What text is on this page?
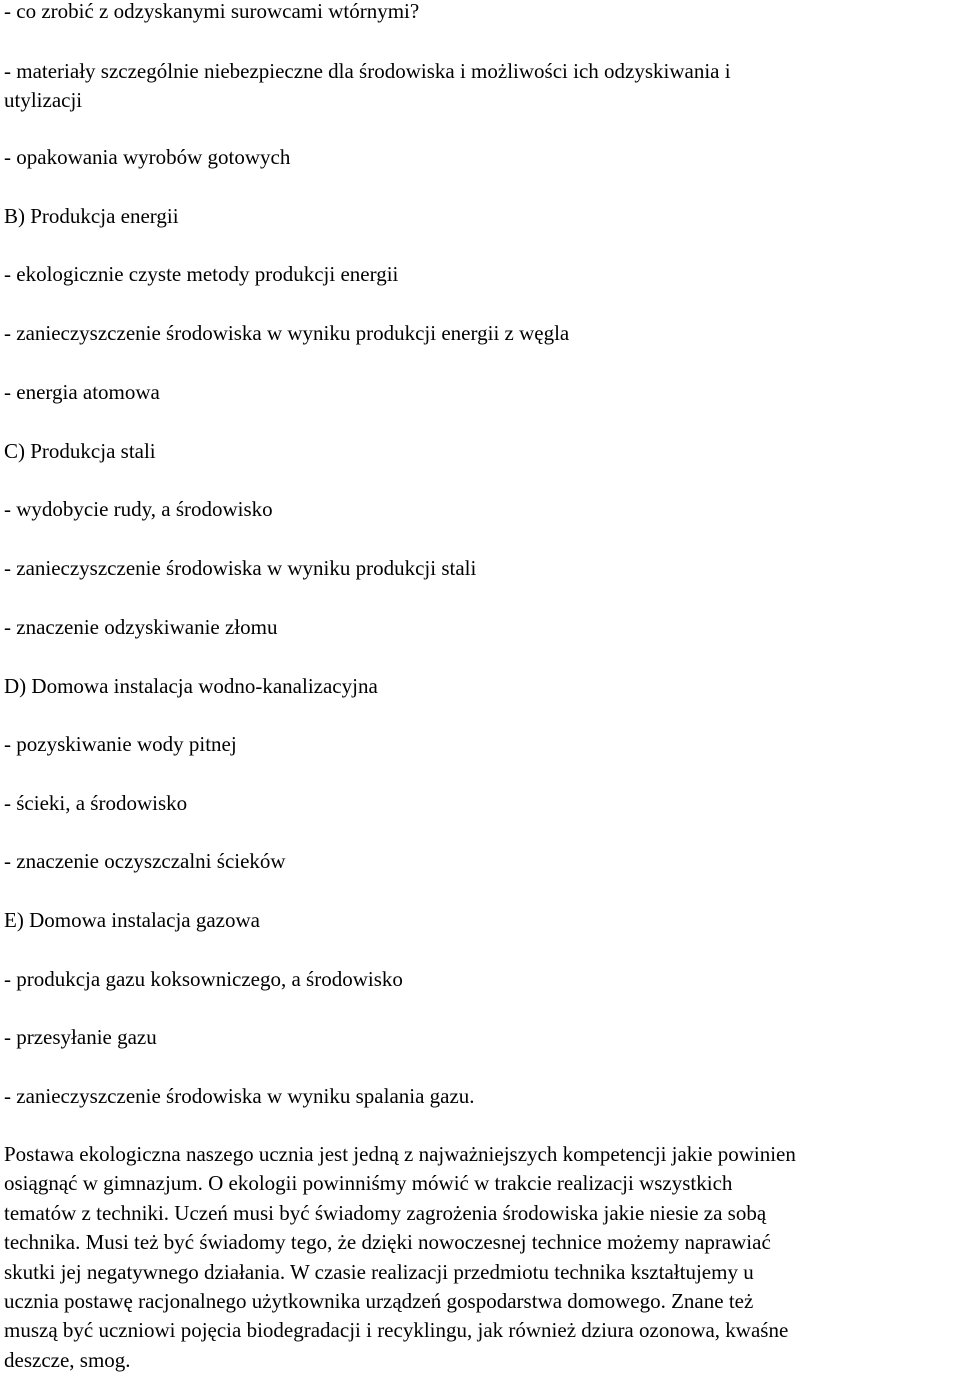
- co zrobić z odzyskanymi surowcami wtórnymi?

- materiały szczególnie niebezpieczne dla środowiska i możliwości ich odzyskiwania i

utylizacji

- opakowania wyrobów gotowych

B) Produkcja energii

- ekologicznie czyste metody produkcji energii

- zanieczyszczenie środowiska w wyniku produkcji energii z węgla

- energia atomowa

C) Produkcja stali

- wydobycie rudy, a środowisko

- zanieczyszczenie środowiska w wyniku produkcji stali

- znaczenie odzyskiwanie złomu

D) Domowa instalacja wodno-kanalizacyjna

- pozyskiwanie wody pitnej

- ścieki, a środowisko

- znaczenie oczyszczalni ścieków

E) Domowa instalacja gazowa

- produkcja gazu koksowniczego, a środowisko

- przesyłanie gazu

- zanieczyszczenie środowiska w wyniku spalania gazu.

Postawa ekologiczna naszego ucznia jest jedną z najważniejszych kompetencji jakie powinien
osiągnąć w gimnazjum. O ekologii powinniśmy mówić w trakcie realizacji wszystkich
tematów z techniki. Uczeń musi być świadomy zagrożenia środowiska jakie niesie za sobą
technika. Musi też być świadomy tego, że dzięki nowoczesnej technice możemy naprawiać
skutki jej negatywnego działania. W czasie realizacji przedmiotu technika kształtujemy u
ucznia postawę racjonalnego użytkownika urządzeń gospodarstwa domowego. Znane też
muszą być uczniowi pojęcia biodegradacji i recyklingu, jak również dziura ozonowa, kwaśne
deszcze, smog.
